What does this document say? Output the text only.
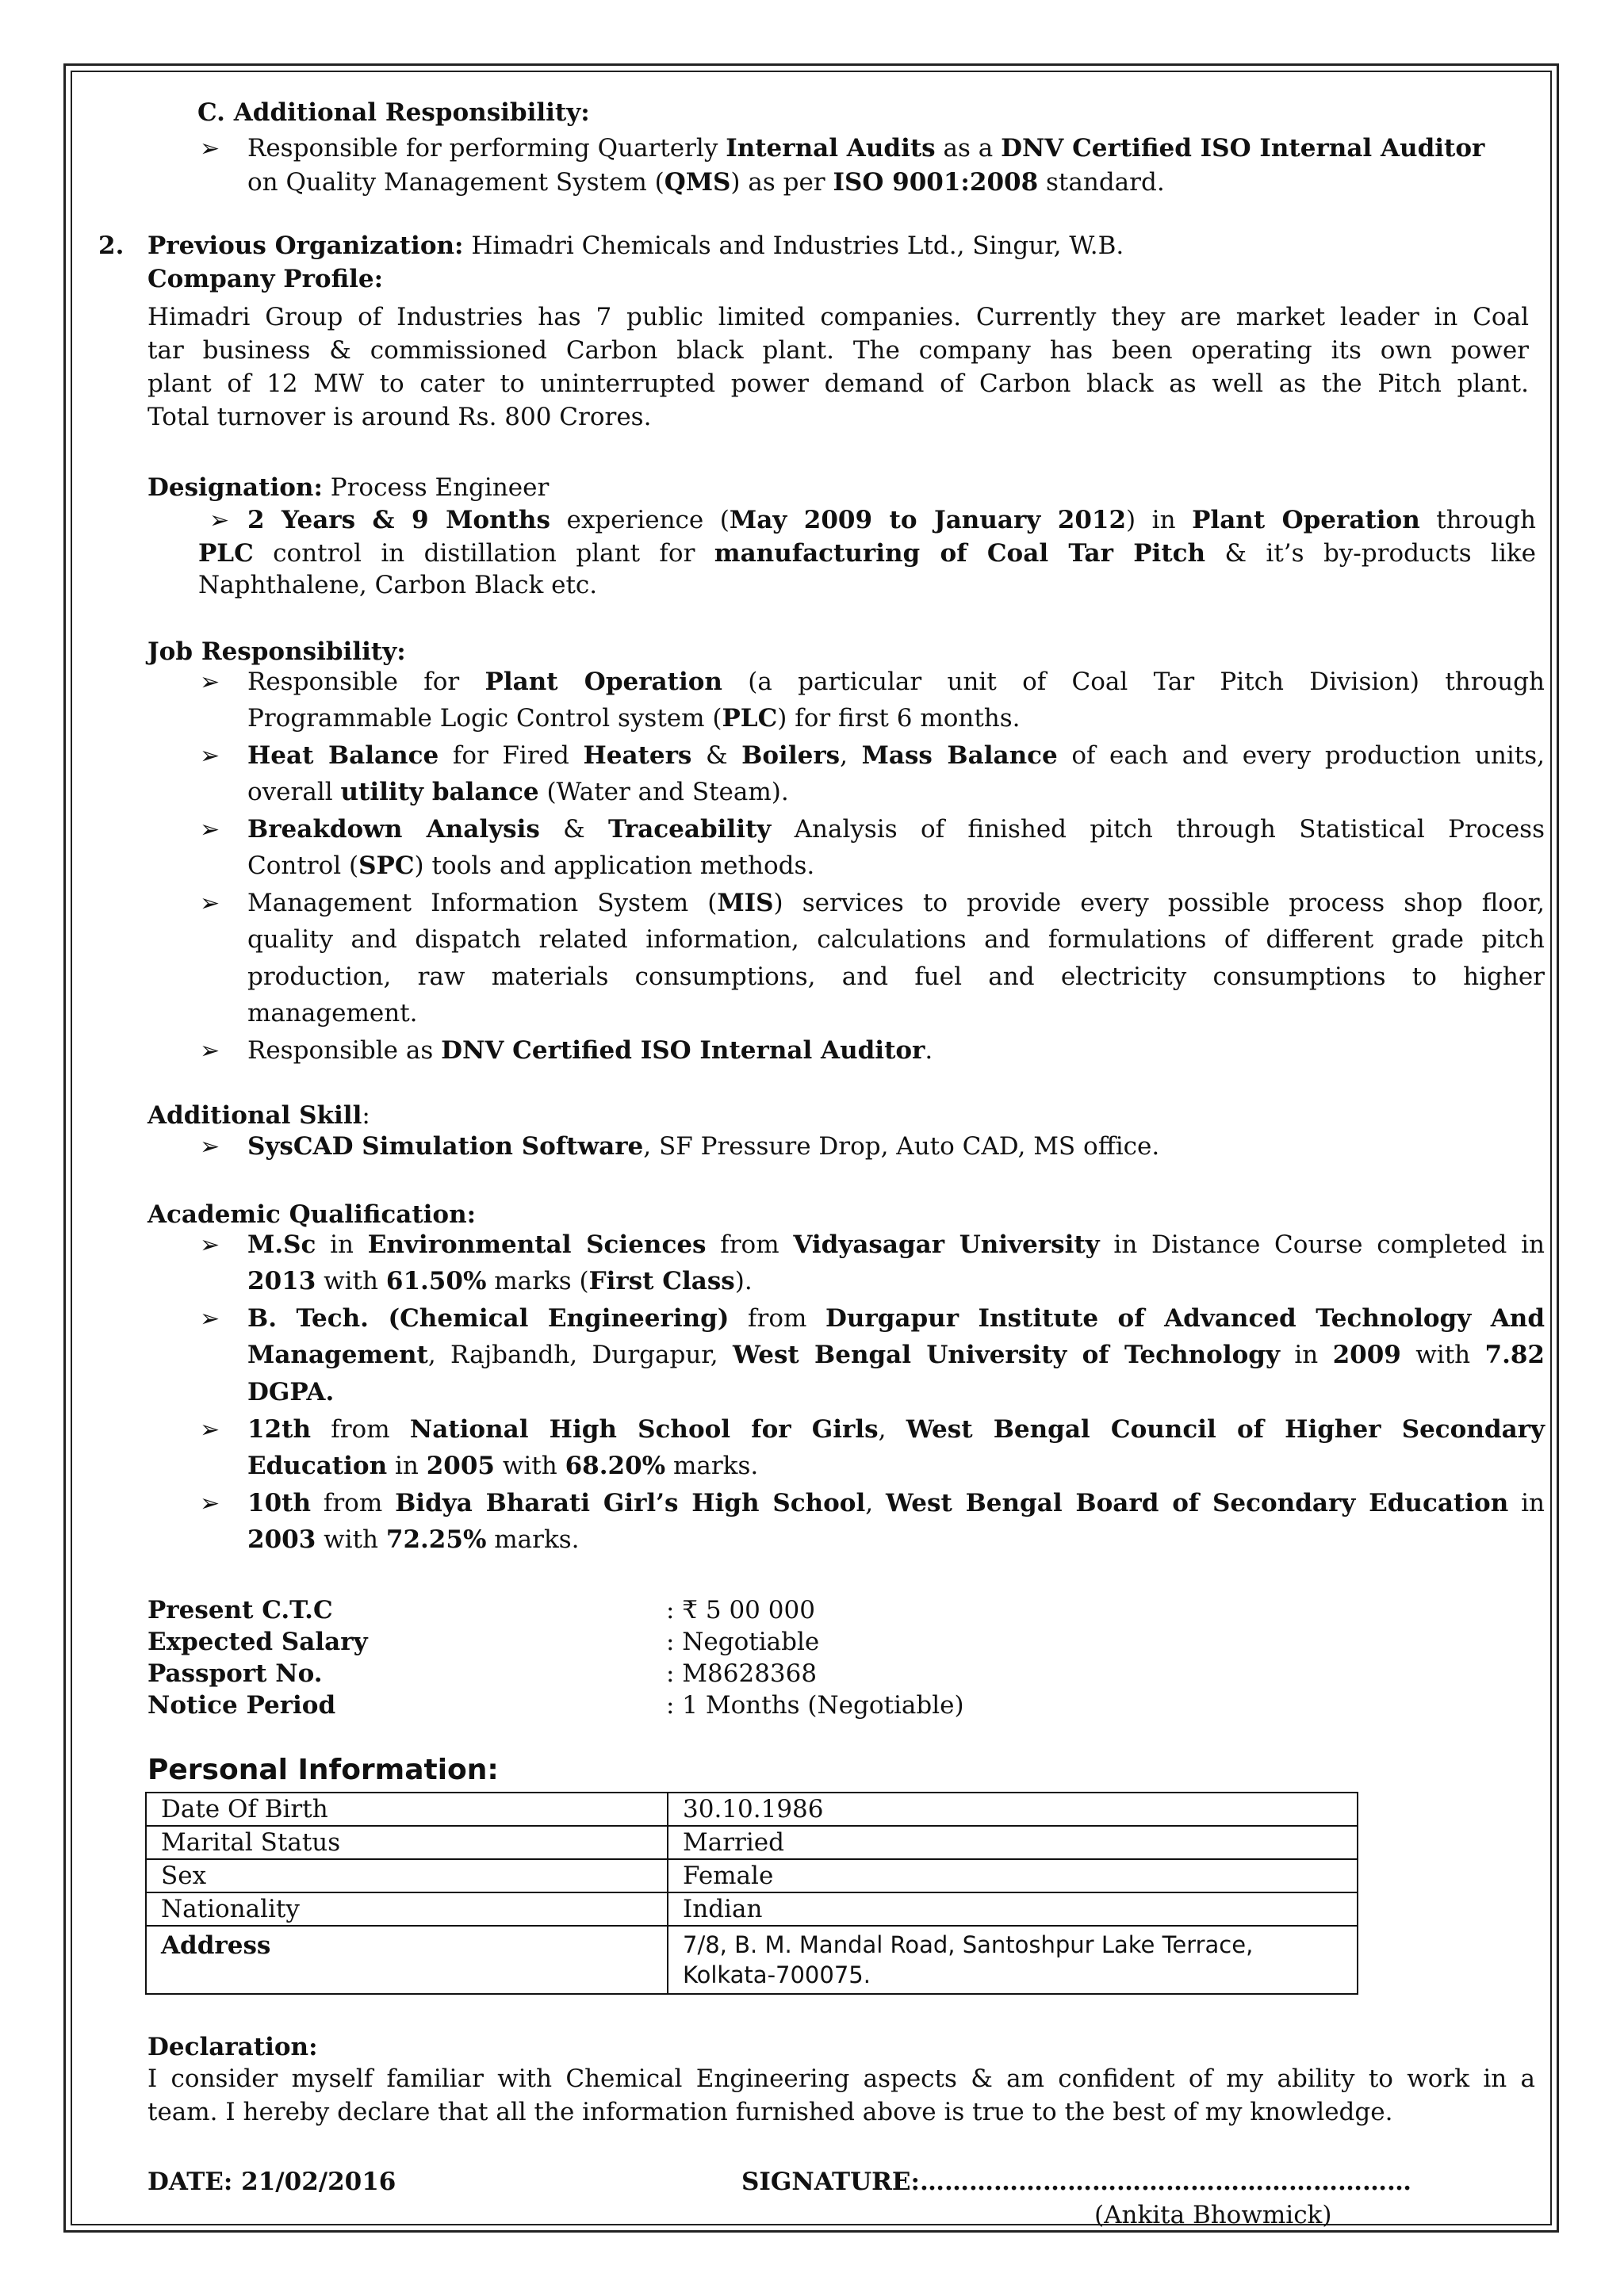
C. Additional Responsibility:
➢ Responsible for performing Quarterly Internal Audits as a DNV Certified ISO Internal Auditor
on Quality Management System (QMS) as per ISO 9001:2008 standard.
2. Previous Organization: Himadri Chemicals and Industries Ltd., Singur, W.B.
Company Profile:
Himadri Group of Industries has 7 public limited companies. Currently they are market leader in Coal
tar business & commissioned Carbon black plant. The company has been operating its own power
plant of 12 MW to cater to uninterrupted power demand of Carbon black as well as the Pitch plant.
Total turnover is around Rs. 800 Crores.
Designation: Process Engineer
➢ 2 Years & 9 Months experience (May 2009 to January 2012) in Plant Operation through
PLC control in distillation plant for manufacturing of Coal Tar Pitch & it’s by-products like
Naphthalene, Carbon Black etc.
Job Responsibility:
➢ Responsible for Plant Operation (a particular unit of Coal Tar Pitch Division) through
Programmable Logic Control system (PLC) for first 6 months.
➢ Heat Balance for Fired Heaters & Boilers, Mass Balance of each and every production units,
overall utility balance (Water and Steam).
➢ Breakdown Analysis & Traceability Analysis of finished pitch through Statistical Process
Control (SPC) tools and application methods.
➢ Management Information System (MIS) services to provide every possible process shop floor,
quality and dispatch related information, calculations and formulations of different grade pitch
production, raw materials consumptions, and fuel and electricity consumptions to higher
management.
➢ Responsible as DNV Certified ISO Internal Auditor.
Additional Skill:
➢ SysCAD Simulation Software, SF Pressure Drop, Auto CAD, MS office.
Academic Qualification:
➢ M.Sc in Environmental Sciences from Vidyasagar University in Distance Course completed in
2013 with 61.50% marks (First Class).
➢ B. Tech. (Chemical Engineering) from Durgapur Institute of Advanced Technology And
Management, Rajbandh, Durgapur, West Bengal University of Technology in 2009 with 7.82
DGPA.
➢ 12th from National High School for Girls, West Bengal Council of Higher Secondary
Education in 2005 with 68.20% marks.
➢ 10th from Bidya Bharati Girl’s High School, West Bengal Board of Secondary Education in
2003 with 72.25% marks.
Present C.T.C	: ₹ 5 00 000
Expected Salary	: Negotiable
Passport No.	: M8628368
Notice Period	: 1 Months (Negotiable)
Personal Information:
Date Of Birth	30.10.1986
Marital Status	Married
Sex	Female
Nationality	Indian
Address	7/8, B. M. Mandal Road, Santoshpur Lake Terrace,
Kolkata-700075.
Declaration:
I consider myself familiar with Chemical Engineering aspects & am confident of my ability to work in a
team. I hereby declare that all the information furnished above is true to the best of my knowledge.
DATE: 21/02/2016	SIGNATURE:……………………………………………………
(Ankita Bhowmick)
